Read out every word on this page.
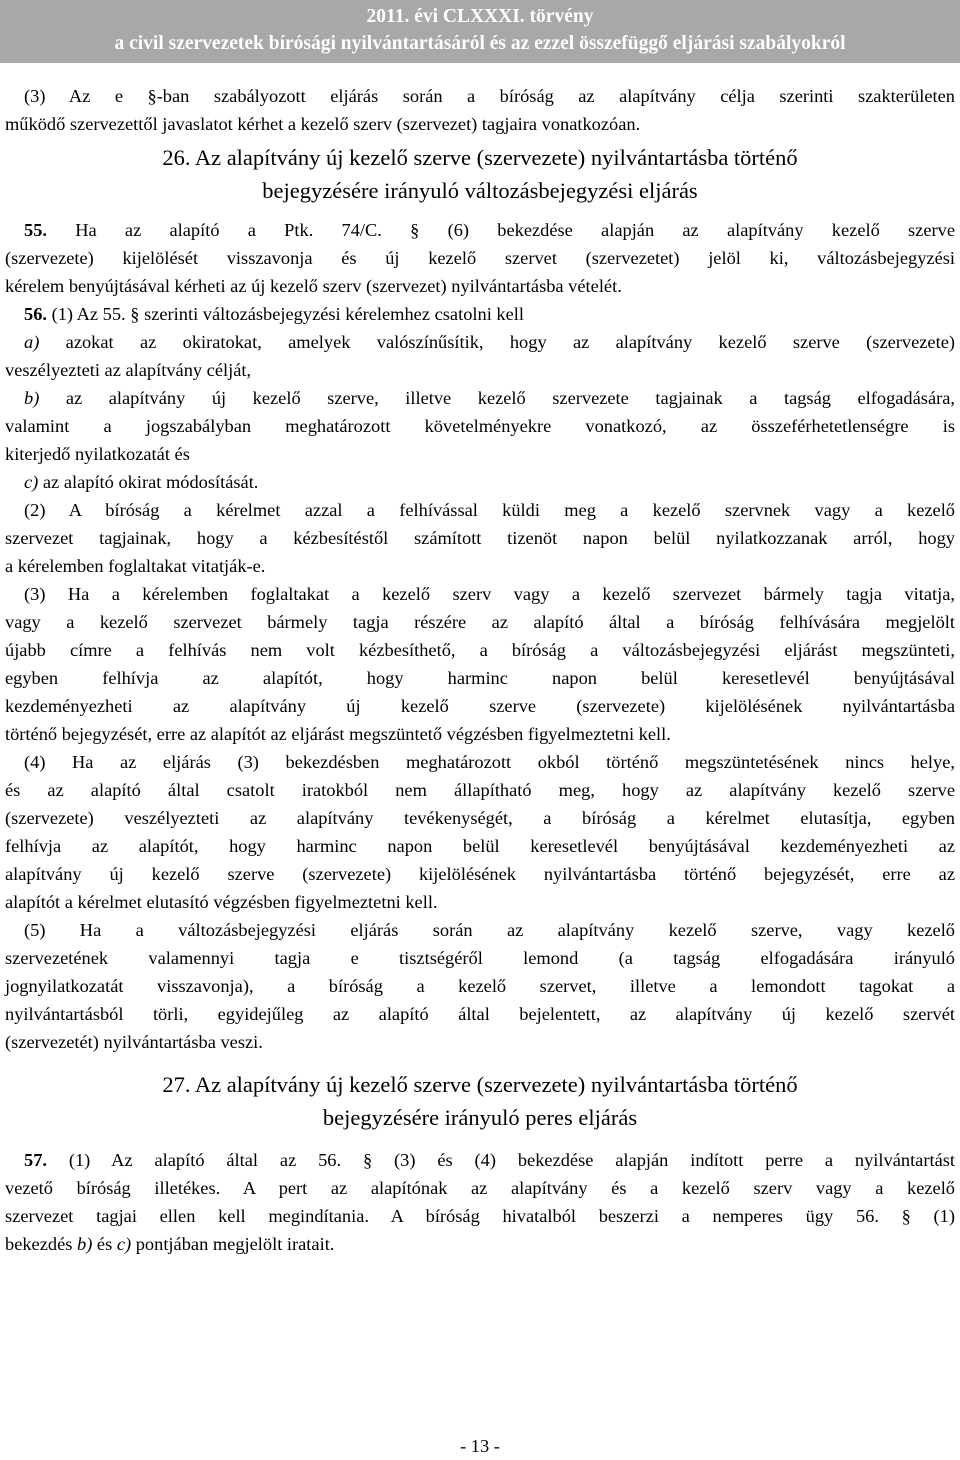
2011. évi CLXXXI. törvény
a civil szervezetek bírósági nyilvántartásáról és az ezzel összefüggő eljárási szabályokról

(3) Az e §-ban szabályozott eljárás során a bíróság az alapítvány célja szerinti szakterületen

működő szervezettől javaslatot kérhet a kezelő szerv (szervezet) tagjaira vonatkozóan.

26. Az alapítvány új kezelő szerve (szervezete) nyilvántartásba történő
bejegyzésére irányuló változásbejegyzési eljárás

55. Ha az alapító a Ptk. 74/C. § (6) bekezdése alapján az alapítvány kezelő szerve

(szervezete) kijelölését visszavonja és új kezelő szervet (szervezetet) jelöl ki, változásbejegyzési

kérelem benyújtásával kérheti az új kezelő szerv (szervezet) nyilvántartásba vételét.

56. (1) Az 55. § szerinti változásbejegyzési kérelemhez csatolni kell

a) azokat az okiratokat, amelyek valószínűsítik, hogy az alapítvány kezelő szerve (szervezete)

veszélyezteti az alapítvány célját,

b) az alapítvány új kezelő szerve, illetve kezelő szervezete tagjainak a tagság elfogadására,

valamint a jogszabályban meghatározott követelményekre vonatkozó, az összeférhetetlenségre is

kiterjedő nyilatkozatát és

c) az alapító okirat módosítását.

(2) A bíróság a kérelmet azzal a felhívással küldi meg a kezelő szervnek vagy a kezelő

szervezet tagjainak, hogy a kézbesítéstől számított tizenöt napon belül nyilatkozzanak arról, hogy

a kérelemben foglaltakat vitatják-e.

(3) Ha a kérelemben foglaltakat a kezelő szerv vagy a kezelő szervezet bármely tagja vitatja,

vagy a kezelő szervezet bármely tagja részére az alapító által a bíróság felhívására megjelölt

újabb címre a felhívás nem volt kézbesíthető, a bíróság a változásbejegyzési eljárást megszünteti,

egyben felhívja az alapítót, hogy harminc napon belül keresetlevél benyújtásával

kezdeményezheti az alapítvány új kezelő szerve (szervezete) kijelölésének nyilvántartásba

történő bejegyzését, erre az alapítót az eljárást megszüntető végzésben figyelmeztetni kell.

(4) Ha az eljárás (3) bekezdésben meghatározott okból történő megszüntetésének nincs helye,

és az alapító által csatolt iratokból nem állapítható meg, hogy az alapítvány kezelő szerve

(szervezete) veszélyezteti az alapítvány tevékenységét, a bíróság a kérelmet elutasítja, egyben

felhívja az alapítót, hogy harminc napon belül keresetlevél benyújtásával kezdeményezheti az

alapítvány új kezelő szerve (szervezete) kijelölésének nyilvántartásba történő bejegyzését, erre az

alapítót a kérelmet elutasító végzésben figyelmeztetni kell.

(5) Ha a változásbejegyzési eljárás során az alapítvány kezelő szerve, vagy kezelő

szervezetének valamennyi tagja e tisztségéről lemond (a tagság elfogadására irányuló

jognyilatkozatát visszavonja), a bíróság a kezelő szervet, illetve a lemondott tagokat a

nyilvántartásból törli, egyidejűleg az alapító által bejelentett, az alapítvány új kezelő szervét

(szervezetét) nyilvántartásba veszi.

27. Az alapítvány új kezelő szerve (szervezete) nyilvántartásba történő
bejegyzésére irányuló peres eljárás

57. (1) Az alapító által az 56. § (3) és (4) bekezdése alapján indított perre a nyilvántartást

vezető bíróság illetékes. A pert az alapítónak az alapítvány és a kezelő szerv vagy a kezelő

szervezet tagjai ellen kell megindítania. A bíróság hivatalból beszerzi a nemperes ügy 56. § (1)

bekezdés b) és c) pontjában megjelölt iratait.

- 13 -
